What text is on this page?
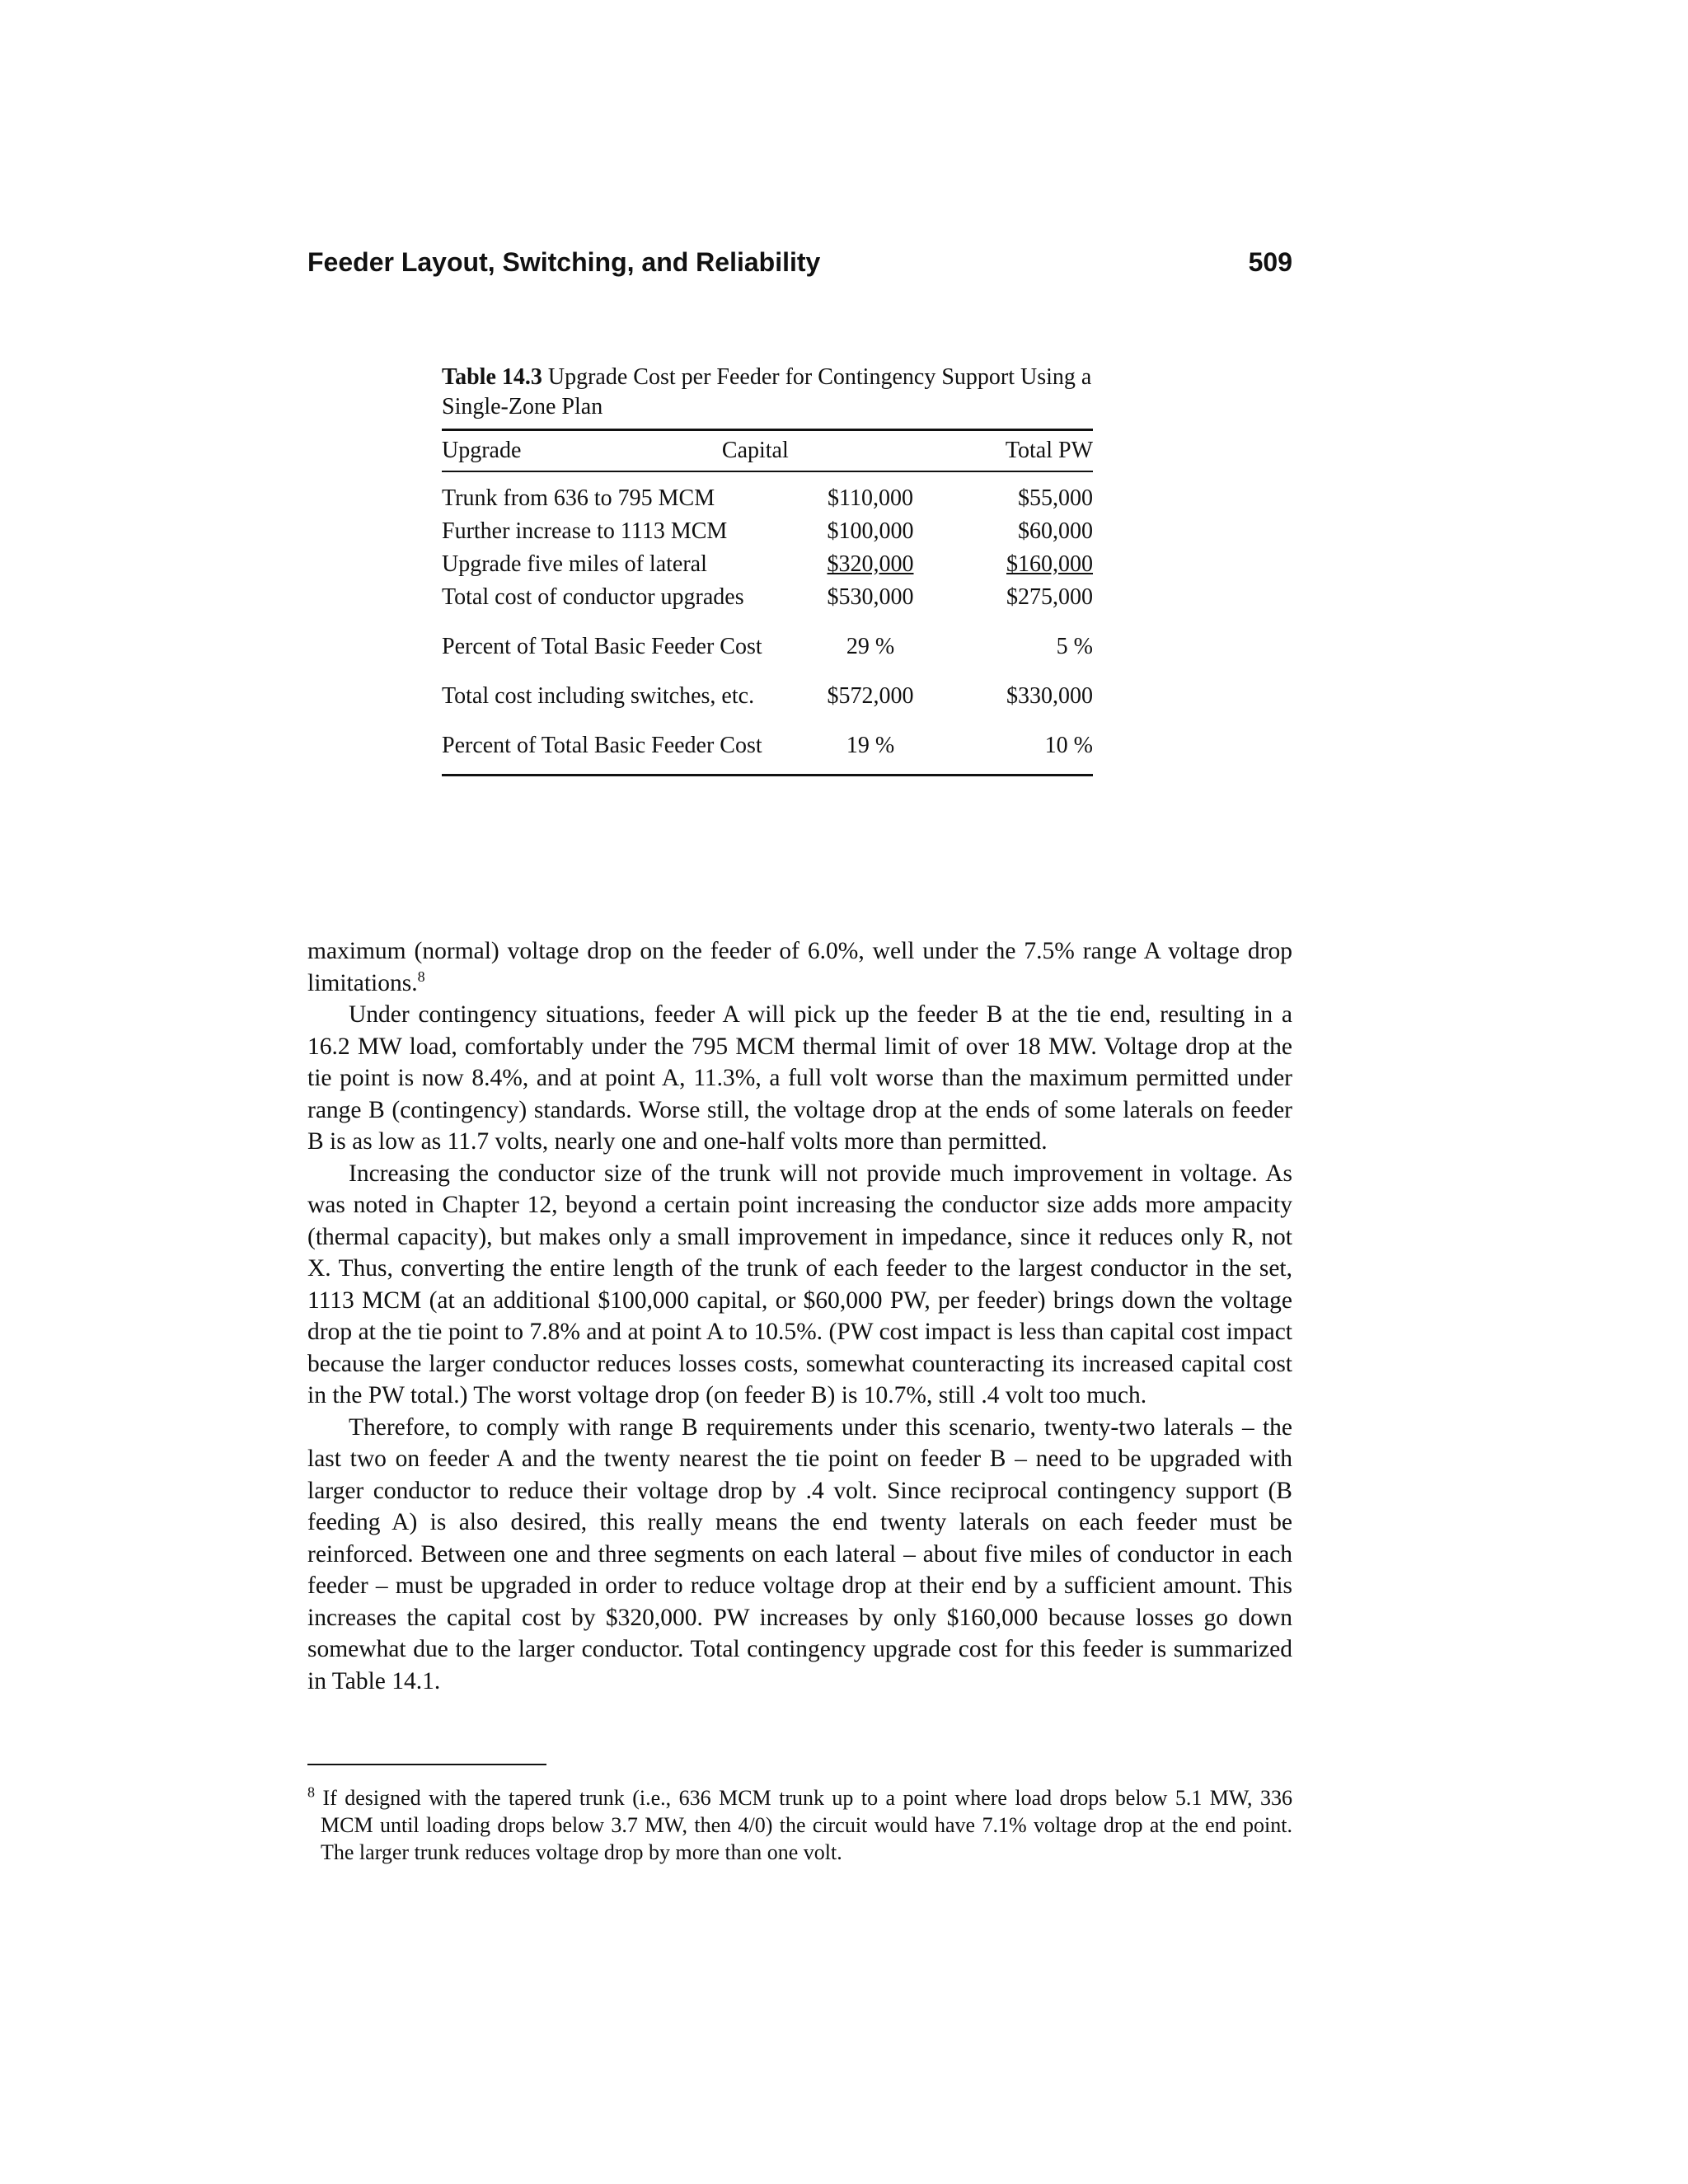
Feeder Layout, Switching, and Reliability	509

Table 14.3 Upgrade Cost per Feeder for Contingency Support Using a Single-Zone Plan

Upgrade	Capital	Total PW
Trunk from 636 to 795 MCM	$110,000	$55,000
Further increase to 1113 MCM	$100,000	$60,000
Upgrade five miles of lateral	$320,000	$160,000
Total cost of conductor upgrades	$530,000	$275,000
Percent of Total Basic Feeder Cost	29 %	5 %
Total cost including switches, etc.	$572,000	$330,000
Percent of Total Basic Feeder Cost	19 %	10 %

maximum (normal) voltage drop on the feeder of 6.0%, well under the 7.5% range A voltage drop limitations.$^8$

Under contingency situations, feeder A will pick up the feeder B at the tie end, resulting in a 16.2 MW load, comfortably under the 795 MCM thermal limit of over 18 MW. Voltage drop at the tie point is now 8.4%, and at point A, 11.3%, a full volt worse than the maximum permitted under range B (contingency) standards. Worse still, the voltage drop at the ends of some laterals on feeder B is as low as 11.7 volts, nearly one and one-half volts more than permitted.

Increasing the conductor size of the trunk will not provide much improvement in voltage. As was noted in Chapter 12, beyond a certain point increasing the conductor size adds more ampacity (thermal capacity), but makes only a small improvement in impedance, since it reduces only R, not X. Thus, converting the entire length of the trunk of each feeder to the largest conductor in the set, 1113 MCM (at an additional $100,000 capital, or $60,000 PW, per feeder) brings down the voltage drop at the tie point to 7.8% and at point A to 10.5%. (PW cost impact is less than capital cost impact because the larger conductor reduces losses costs, somewhat counteracting its increased capital cost in the PW total.) The worst voltage drop (on feeder B) is 10.7%, still .4 volt too much.

Therefore, to comply with range B requirements under this scenario, twenty-two laterals – the last two on feeder A and the twenty nearest the tie point on feeder B – need to be upgraded with larger conductor to reduce their voltage drop by .4 volt. Since reciprocal contingency support (B feeding A) is also desired, this really means the end twenty laterals on each feeder must be reinforced. Between one and three segments on each lateral – about five miles of conductor in each feeder – must be upgraded in order to reduce voltage drop at their end by a sufficient amount. This increases the capital cost by $320,000. PW increases by only $160,000 because losses go down somewhat due to the larger conductor. Total contingency upgrade cost for this feeder is summarized in Table 14.1.

$^8$ If designed with the tapered trunk (i.e., 636 MCM trunk up to a point where load drops below 5.1 MW, 336 MCM until loading drops below 3.7 MW, then 4/0) the circuit would have 7.1% voltage drop at the end point. The larger trunk reduces voltage drop by more than one volt.
